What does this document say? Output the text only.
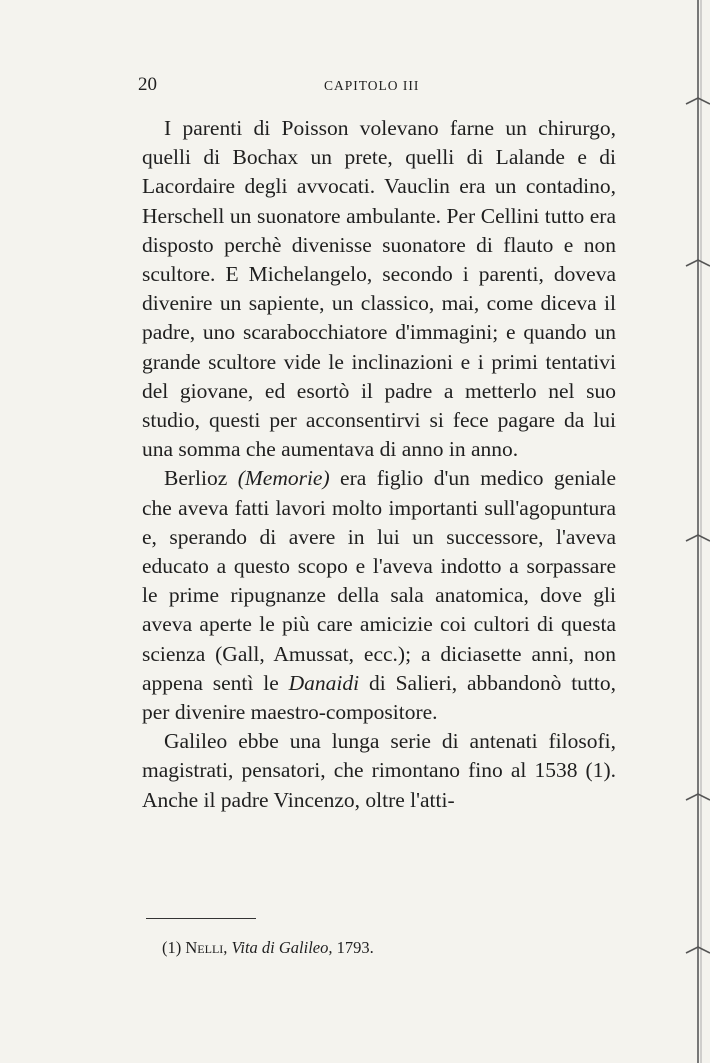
20	CAPITOLO III

I parenti di Poisson volevano farne un chirurgo, quelli di Bochax un prete, quelli di Lalande e di Lacordaire degli avvocati. Vauclin era un contadino, Herschell un suonatore ambulante. Per Cellini tutto era disposto perchè divenisse suonatore di flauto e non scultore. E Michelangelo, secondo i parenti, doveva divenire un sapiente, un classico, mai, come diceva il padre, uno scarabocchiatore d'immagini; e quando un grande scultore vide le inclinazioni e i primi tentativi del giovane, ed esortò il padre a metterlo nel suo studio, questi per acconsentirvi si fece pagare da lui una somma che aumentava di anno in anno.

Berlioz (Memorie) era figlio d'un medico geniale che aveva fatti lavori molto importanti sull'agopuntura e, sperando di avere in lui un successore, l'aveva educato a questo scopo e l'aveva indotto a sorpassare le prime ripugnanze della sala anatomica, dove gli aveva aperte le più care amicizie coi cultori di questa scienza (Gall, Amussat, ecc.); a diciasette anni, non appena sentì le Danaidi di Salieri, abbandonò tutto, per divenire maestro-compositore.

Galileo ebbe una lunga serie di antenati filosofi, magistrati, pensatori, che rimontano fino al 1538 (1). Anche il padre Vincenzo, oltre l'atti-

(1) Nelli, Vita di Galileo, 1793.
